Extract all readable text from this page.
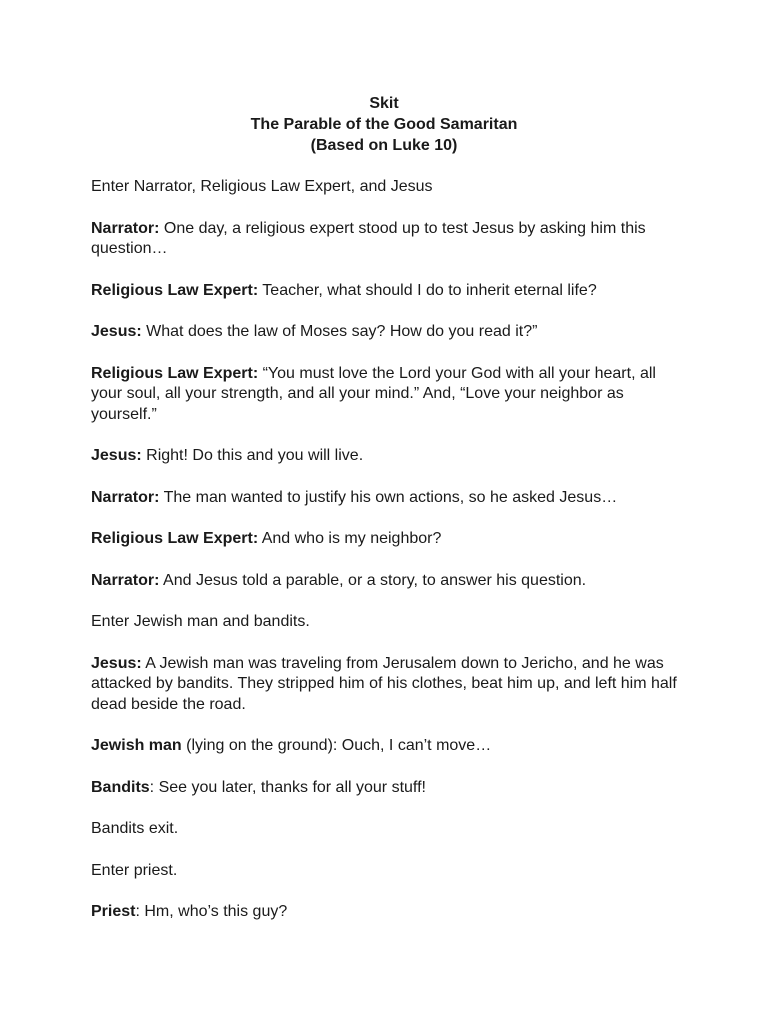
Skit
The Parable of the Good Samaritan
(Based on Luke 10)

Enter Narrator, Religious Law Expert, and Jesus

Narrator: One day, a religious expert stood up to test Jesus by asking him this question…

Religious Law Expert: Teacher, what should I do to inherit eternal life?

Jesus: What does the law of Moses say? How do you read it?”

Religious Law Expert: “You must love the Lord your God with all your heart, all your soul, all your strength, and all your mind.” And, “Love your neighbor as yourself.”

Jesus: Right! Do this and you will live.

Narrator: The man wanted to justify his own actions, so he asked Jesus…

Religious Law Expert: And who is my neighbor?

Narrator: And Jesus told a parable, or a story, to answer his question.

Enter Jewish man and bandits.

Jesus: A Jewish man was traveling from Jerusalem down to Jericho, and he was attacked by bandits. They stripped him of his clothes, beat him up, and left him half dead beside the road.

Jewish man (lying on the ground): Ouch, I can’t move…

Bandits: See you later, thanks for all your stuff!

Bandits exit.

Enter priest.

Priest: Hm, who’s this guy?
